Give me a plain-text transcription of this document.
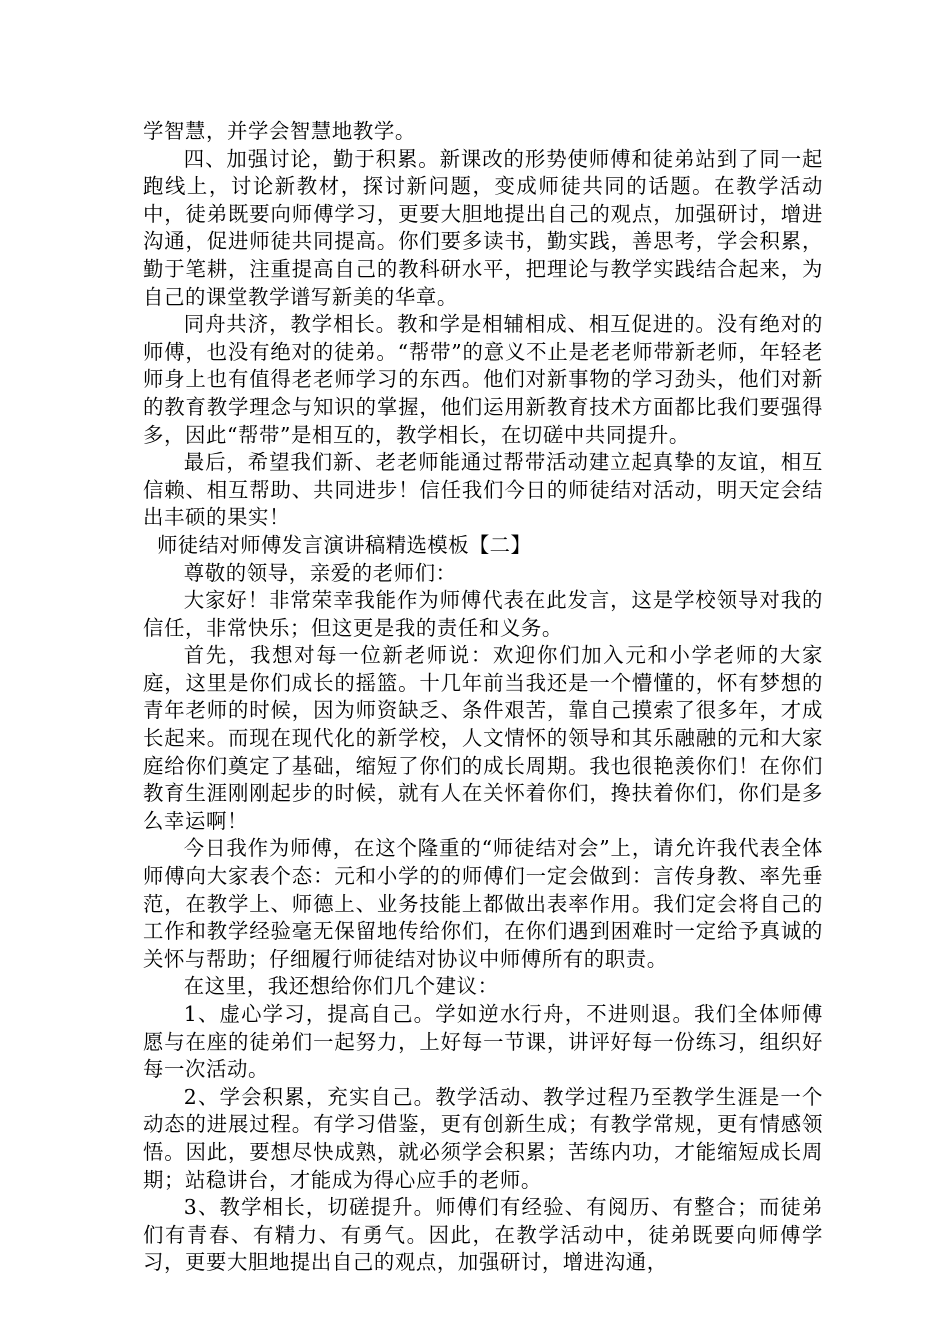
学智慧，并学会智慧地教学。

四、加强讨论，勤于积累。新课改的形势使师傅和徒弟站到了同一起跑线上，讨论新教材，探讨新问题，变成师徒共同的话题。在教学活动中，徒弟既要向师傅学习，更要大胆地提出自己的观点，加强研讨，增进沟通，促进师徒共同提高。你们要多读书，勤实践，善思考，学会积累，勤于笔耕，注重提高自己的教科研水平，把理论与教学实践结合起来，为自己的课堂教学谱写新美的华章。

同舟共济，教学相长。教和学是相辅相成、相互促进的。没有绝对的师傅，也没有绝对的徒弟。“帮带”的意义不止是老老师带新老师，年轻老师身上也有值得老老师学习的东西。他们对新事物的学习劲头，他们对新的教育教学理念与知识的掌握，他们运用新教育技术方面都比我们要强得多，因此“帮带”是相互的，教学相长，在切磋中共同提升。

最后，希望我们新、老老师能通过帮带活动建立起真挚的友谊，相互信赖、相互帮助、共同进步！信任我们今日的师徒结对活动，明天定会结出丰硕的果实！

师徒结对师傅发言演讲稿精选模板【二】

尊敬的领导，亲爱的老师们：

大家好！非常荣幸我能作为师傅代表在此发言，这是学校领导对我的信任，非常快乐；但这更是我的责任和义务。

首先，我想对每一位新老师说：欢迎你们加入元和小学老师的大家庭，这里是你们成长的摇篮。十几年前当我还是一个懵懂的，怀有梦想的青年老师的时候，因为师资缺乏、条件艰苦，靠自己摸索了很多年，才成长起来。而现在现代化的新学校，人文情怀的领导和其乐融融的元和大家庭给你们奠定了基础，缩短了你们的成长周期。我也很艳羡你们！在你们教育生涯刚刚起步的时候，就有人在关怀着你们，搀扶着你们，你们是多么幸运啊！

今日我作为师傅，在这个隆重的“师徒结对会”上，请允许我代表全体师傅向大家表个态：元和小学的的师傅们一定会做到：言传身教、率先垂范，在教学上、师德上、业务技能上都做出表率作用。我们定会将自己的工作和教学经验毫无保留地传给你们，在你们遇到困难时一定给予真诚的关怀与帮助；仔细履行师徒结对协议中师傅所有的职责。

在这里，我还想给你们几个建议：

1、虚心学习，提高自己。学如逆水行舟，不进则退。我们全体师傅愿与在座的徒弟们一起努力，上好每一节课，讲评好每一份练习，组织好每一次活动。

2、学会积累，充实自己。教学活动、教学过程乃至教学生涯是一个动态的进展过程。有学习借鉴，更有创新生成；有教学常规，更有情感领悟。因此，要想尽快成熟，就必须学会积累；苦练内功，才能缩短成长周期；站稳讲台，才能成为得心应手的老师。

3、教学相长，切磋提升。师傅们有经验、有阅历、有整合；而徒弟们有青春、有精力、有勇气。因此，在教学活动中，徒弟既要向师傅学习，更要大胆地提出自己的观点，加强研讨，增进沟通，
